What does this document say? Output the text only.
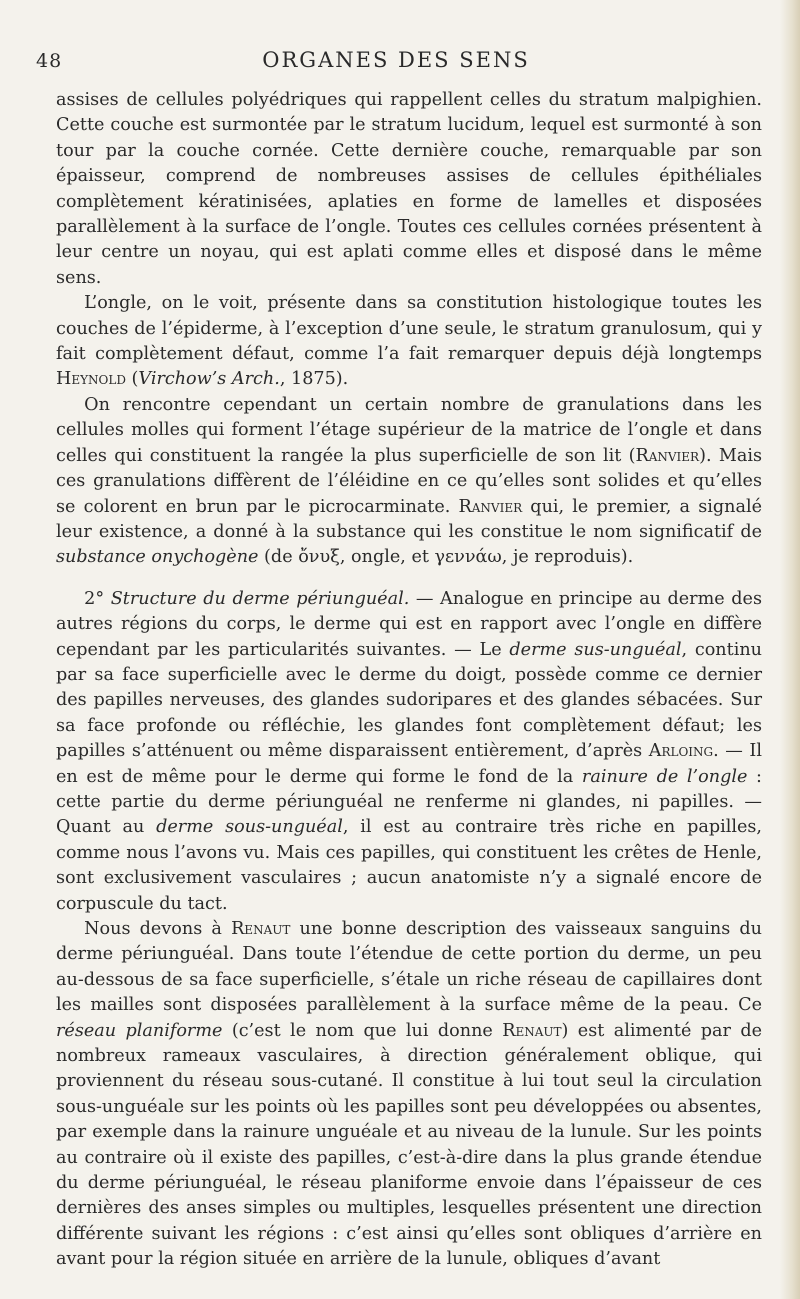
48	ORGANES DES SENS

assises de cellules polyédriques qui rappellent celles du stratum malpighien. Cette couche est surmontée par le stratum lucidum, lequel est surmonté à son tour par la couche cornée. Cette dernière couche, remarquable par son épaisseur, comprend de nombreuses assises de cellules épithéliales complètement kératinisées, aplaties en forme de lamelles et disposées parallèlement à la surface de l’ongle. Toutes ces cellules cornées présentent à leur centre un noyau, qui est aplati comme elles et disposé dans le même sens.

L’ongle, on le voit, présente dans sa constitution histologique toutes les couches de l’épiderme, à l’exception d’une seule, le stratum granulosum, qui y fait complètement défaut, comme l’a fait remarquer depuis déjà longtemps Heynold (Virchow’s Arch., 1875).

On rencontre cependant un certain nombre de granulations dans les cellules molles qui forment l’étage supérieur de la matrice de l’ongle et dans celles qui constituent la rangée la plus superficielle de son lit (Ranvier). Mais ces granulations diffèrent de l’éléidine en ce qu’elles sont solides et qu’elles se colorent en brun par le picrocarminate. Ranvier qui, le premier, a signalé leur existence, a donné à la substance qui les constitue le nom significatif de substance onychogène (de ὄνυξ, ongle, et γεννάω, je reproduis).

2° Structure du derme périunguéal. — Analogue en principe au derme des autres régions du corps, le derme qui est en rapport avec l’ongle en diffère cependant par les particularités suivantes. — Le derme sus-unguéal, continu par sa face superficielle avec le derme du doigt, possède comme ce dernier des papilles nerveuses, des glandes sudoripares et des glandes sébacées. Sur sa face profonde ou réfléchie, les glandes font complètement défaut; les papilles s’atténuent ou même disparaissent entièrement, d’après Arloing. — Il en est de même pour le derme qui forme le fond de la rainure de l’ongle : cette partie du derme périunguéal ne renferme ni glandes, ni papilles. — Quant au derme sous-unguéal, il est au contraire très riche en papilles, comme nous l’avons vu. Mais ces papilles, qui constituent les crêtes de Henle, sont exclusivement vasculaires ; aucun anatomiste n’y a signalé encore de corpuscule du tact.

Nous devons à Renaut une bonne description des vaisseaux sanguins du derme périunguéal. Dans toute l’étendue de cette portion du derme, un peu au-dessous de sa face superficielle, s’étale un riche réseau de capillaires dont les mailles sont disposées parallèlement à la surface même de la peau. Ce réseau planiforme (c’est le nom que lui donne Renaut) est alimenté par de nombreux rameaux vasculaires, à direction généralement oblique, qui proviennent du réseau sous-cutané. Il constitue à lui tout seul la circulation sous-unguéale sur les points où les papilles sont peu développées ou absentes, par exemple dans la rainure unguéale et au niveau de la lunule. Sur les points au contraire où il existe des papilles, c’est-à-dire dans la plus grande étendue du derme périunguéal, le réseau planiforme envoie dans l’épaisseur de ces dernières des anses simples ou multiples, lesquelles présentent une direction différente suivant les régions : c’est ainsi qu’elles sont obliques d’arrière en avant pour la région située en arrière de la lunule, obliques d’avant
